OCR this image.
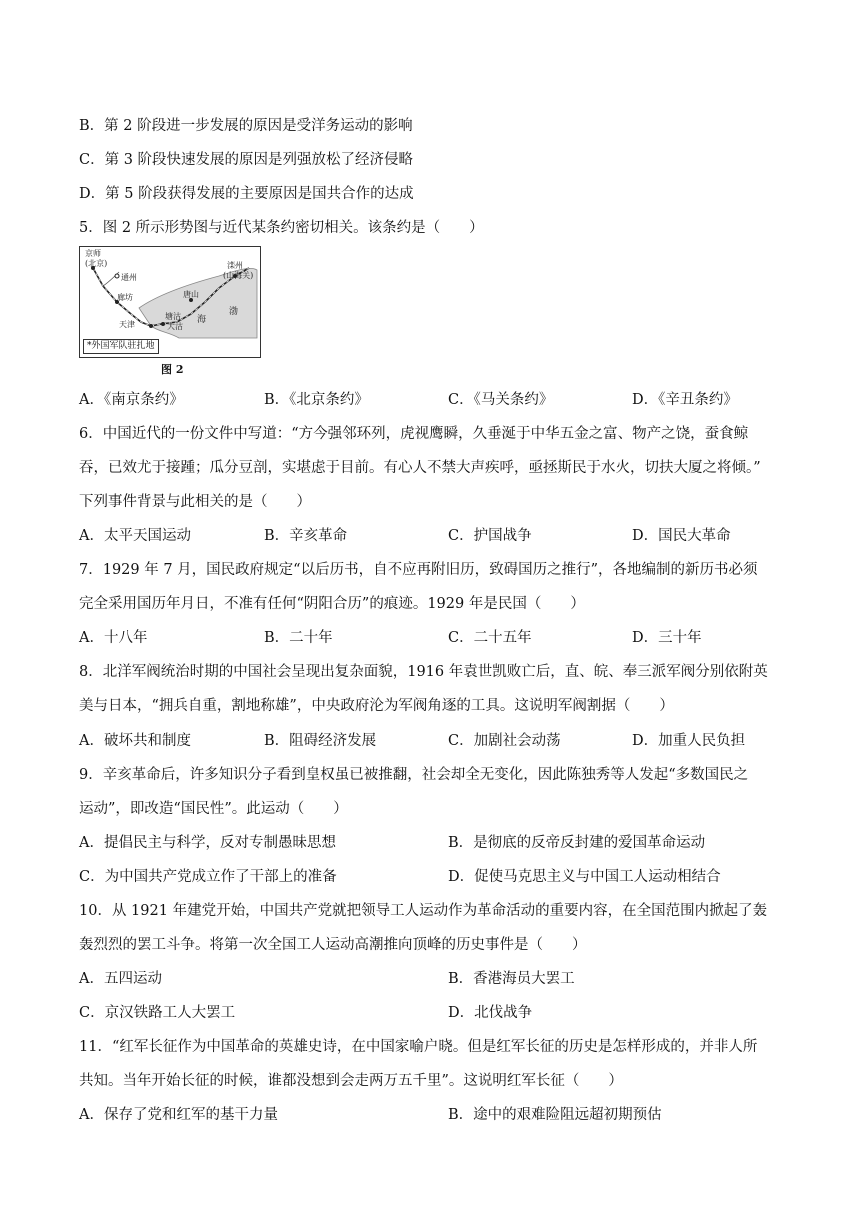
B．第 2 阶段进一步发展的原因是受洋务运动的影响
C．第 3 阶段快速发展的原因是列强放松了经济侵略
D．第 5 阶段获得发展的主要原因是国共合作的达成
5．图 2 所示形势图与近代某条约密切相关。该条约是（　　）
京师
(北京)
通州
廊坊	唐山
天津
塘沽
大沽
海
渤
滦州
(山海关)
*外国军队驻扎地
图 2
A．《南京条约》	B．《北京条约》	C．《马关条约》	D．《辛丑条约》
6．中国近代的一份文件中写道：“方今强邻环列，虎视鹰瞬，久垂涎于中华五金之富、物产之饶，蚕食鲸
吞，已效尤于接踵；瓜分豆剖，实堪虑于目前。有心人不禁大声疾呼，亟拯斯民于水火，切扶大厦之将倾。”
下列事件背景与此相关的是（　　）
A．太平天国运动	B．辛亥革命	C．护国战争	D．国民大革命
7．1929 年 7 月，国民政府规定“以后历书，自不应再附旧历，致碍国历之推行”，各地编制的新历书必须
完全采用国历年月日，不准有任何“阴阳合历”的痕迹。1929 年是民国（　　）
A．十八年	B．二十年	C．二十五年	D．三十年
8．北洋军阀统治时期的中国社会呈现出复杂面貌，1916 年袁世凯败亡后，直、皖、奉三派军阀分别依附英
美与日本，“拥兵自重，割地称雄”，中央政府沦为军阀角逐的工具。这说明军阀割据（　　）
A．破坏共和制度	B．阻碍经济发展	C．加剧社会动荡	D．加重人民负担
9．辛亥革命后，许多知识分子看到皇权虽已被推翻，社会却全无变化，因此陈独秀等人发起“多数国民之
运动”，即改造“国民性”。此运动（　　）
A．提倡民主与科学，反对专制愚昧思想	B．是彻底的反帝反封建的爱国革命运动
C．为中国共产党成立作了干部上的准备	D．促使马克思主义与中国工人运动相结合
10．从 1921 年建党开始，中国共产党就把领导工人运动作为革命活动的重要内容，在全国范围内掀起了轰
轰烈烈的罢工斗争。将第一次全国工人运动高潮推向顶峰的历史事件是（　　）
A．五四运动	B．香港海员大罢工
C．京汉铁路工人大罢工	D．北伐战争
11．“红军长征作为中国革命的英雄史诗，在中国家喻户晓。但是红军长征的历史是怎样形成的，并非人所
共知。当年开始长征的时候，谁都没想到会走两万五千里”。这说明红军长征（　　）
A．保存了党和红军的基干力量	B．途中的艰难险阻远超初期预估
